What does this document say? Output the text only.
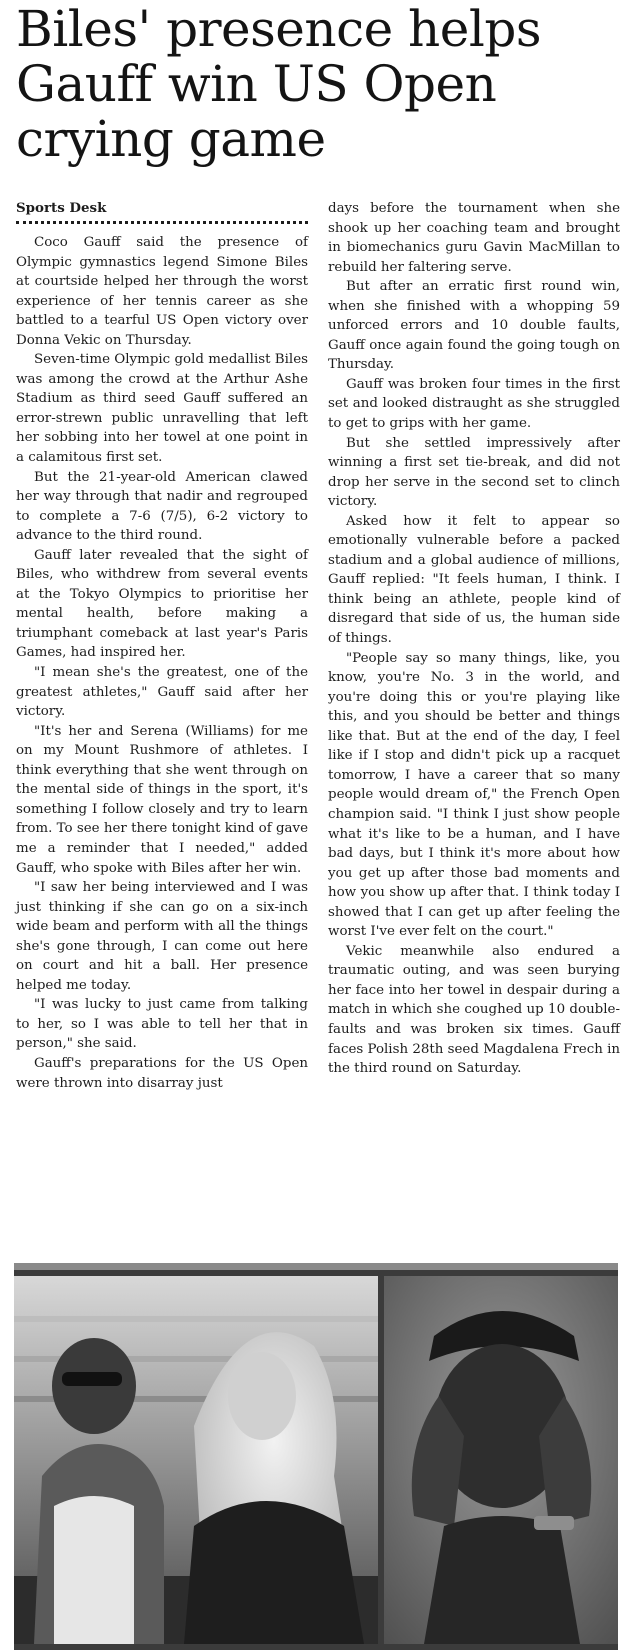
Biles' presence helps Gauff win US Open crying game
Sports Desk

Coco Gauff said the presence of Olympic gymnastics legend Simone Biles at courtside helped her through the worst experience of her tennis career as she battled to a tearful US Open victory over Donna Vekic on Thursday.

Seven-time Olympic gold medallist Biles was among the crowd at the Arthur Ashe Stadium as third seed Gauff suffered an error-strewn public unravelling that left her sobbing into her towel at one point in a calamitous first set.

But the 21-year-old American clawed her way through that nadir and regrouped to complete a 7-6 (7/5), 6-2 victory to advance to the third round.

Gauff later revealed that the sight of Biles, who withdrew from several events at the Tokyo Olympics to prioritise her mental health, before making a triumphant comeback at last year's Paris Games, had inspired her.

"I mean she's the greatest, one of the greatest athletes," Gauff said after her victory.

"It's her and Serena (Williams) for me on my Mount Rushmore of athletes. I think everything that she went through on the mental side of things in the sport, it's something I follow closely and try to learn from. To see her there tonight kind of gave me a reminder that I needed," added Gauff, who spoke with Biles after her win.

"I saw her being interviewed and I was just thinking if she can go on a six-inch wide beam and perform with all the things she's gone through, I can come out here on court and hit a ball. Her presence helped me today.

"I was lucky to just came from talking to her, so I was able to tell her that in person," she said.

Gauff's preparations for the US Open were thrown into disarray just

days before the tournament when she shook up her coaching team and brought in biomechanics guru Gavin MacMillan to rebuild her faltering serve.

But after an erratic first round win, when she finished with a whopping 59 unforced errors and 10 double faults, Gauff once again found the going tough on Thursday.

Gauff was broken four times in the first set and looked distraught as she struggled to get to grips with her game.

But she settled impressively after winning a first set tie-break, and did not drop her serve in the second set to clinch victory.

Asked how it felt to appear so emotionally vulnerable before a packed stadium and a global audience of millions, Gauff replied: "It feels human, I think. I think being an athlete, people kind of disregard that side of us, the human side of things.

"People say so many things, like, you know, you're No. 3 in the world, and you're doing this or you're playing like this, and you should be better and things like that. But at the end of the day, I feel like if I stop and didn't pick up a racquet tomorrow, I have a career that so many people would dream of," the French Open champion said. "I think I just show people what it's like to be a human, and I have bad days, but I think it's more about how you get up after those bad moments and how you show up after that. I think today I showed that I can get up after feeling the worst I've ever felt on the court."

Vekic meanwhile also endured a traumatic outing, and was seen burying her face into her towel in despair during a match in which she coughed up 10 double-faults and was broken six times. Gauff faces Polish 28th seed Magdalena Frech in the third round on Saturday.
